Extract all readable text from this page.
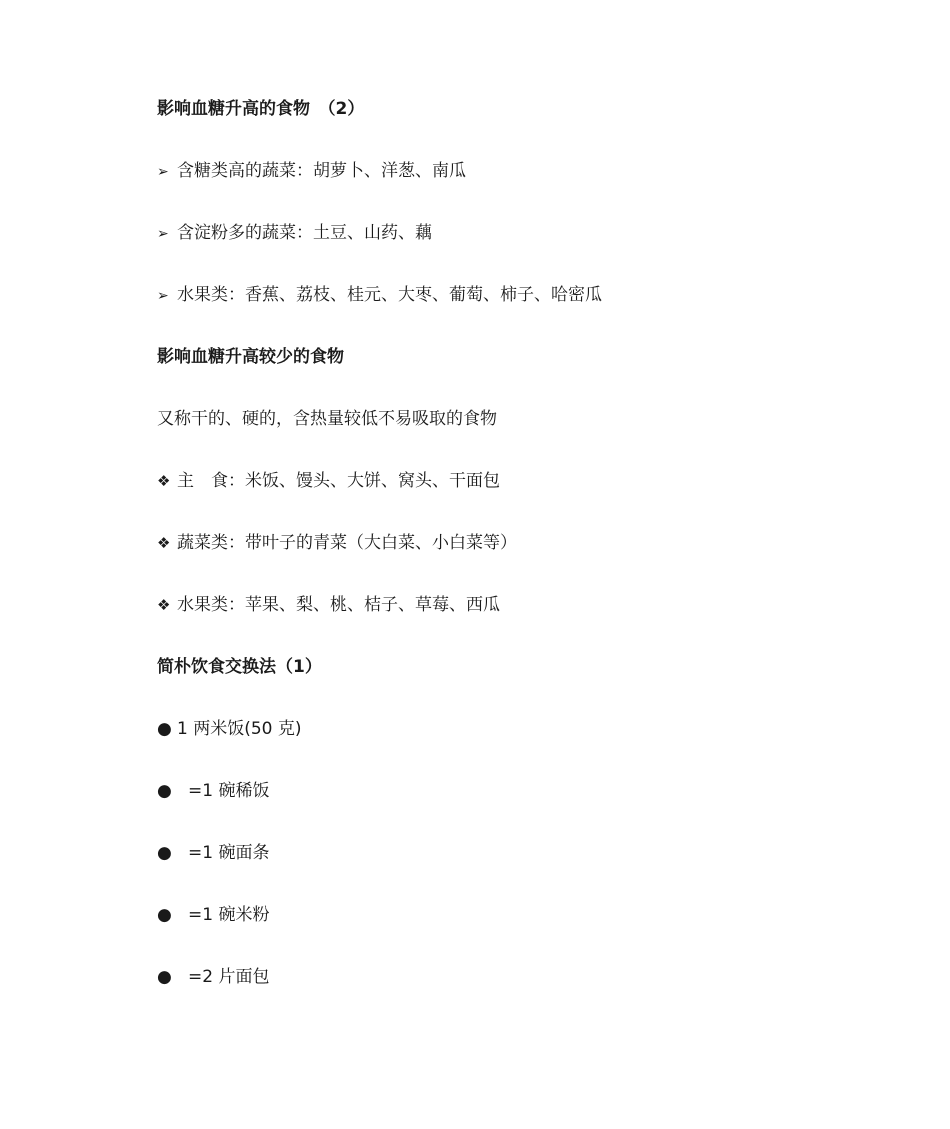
影响血糖升高的食物　（2）
➢ 含糖类高的蔬菜：胡萝卜、洋葱、南瓜
➢ 含淀粉多的蔬菜：土豆、山药、藕
➢ 水果类：香蕉、荔枝、桂元、大枣、葡萄、柿子、哈密瓜
影响血糖升高较少的食物
又称干的、硬的，含热量较低不易吸取的食物
❖ 主　食：米饭、馒头、大饼、窝头、干面包
❖ 蔬菜类：带叶子的青菜（大白菜、小白菜等）
❖ 水果类：苹果、梨、桃、桔子、草莓、西瓜
简朴饮食交换法（1）
● 1 两米饭(50 克)
● =1 碗稀饭
● =1 碗面条
● =1 碗米粉
● =2 片面包
